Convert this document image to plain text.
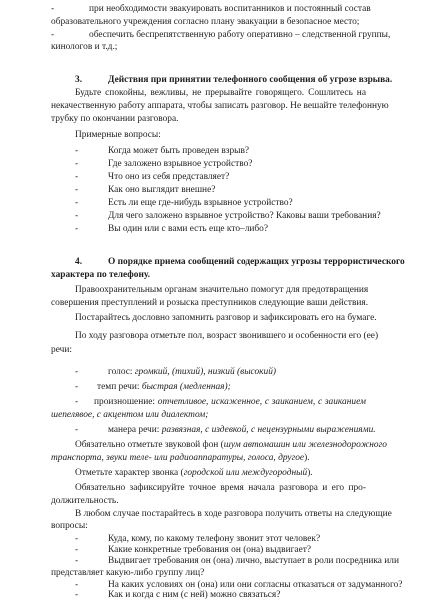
-	при необходимости эвакуировать воспитанников и постоянный состав
образовательного учреждения согласно плану эвакуации в безопасное место;
-	обеспечить беспрепятственную работу оперативно – следственной группы,
кинологов и т.д.;
3.	Действия при принятии телефонного сообщения об угрозе взрыва.
Будьте спокойны, вежливы, не прерывайте говорящего. Сошлитесь на
некачественную работу аппарата, чтобы записать разговор. Не вешайте телефонную
трубку по окончании разговора.
Примерные вопросы:
-	Когда может быть проведен взрыв?
-	Где заложено взрывное устройство?
-	Что оно из себя представляет?
-	Как оно выглядит внешне?
-	Есть ли еще где-нибудь взрывное устройство?
-	Для чего заложено взрывное устройство? Каковы ваши требования?
-	Вы один или с вами есть еще кто–либо?
4.	О порядке приема сообщений содержащих угрозы террористического
характера по телефону.
Правоохранительным органам значительно помогут для предотвращения
совершения преступлений и розыска преступников следующие ваши действия.
Постарайтесь дословно запомнить разговор и зафиксировать его на бумаге.
По ходу разговора отметьте пол, возраст звонившего и особенности его (ее)
речи:
-	голос: громкий, (тихий), низкий (высокий)
- темп речи: быстрая (медленная);
- произношение: отчетливое, искаженное, с заиканием, с заиканием
шепелявое, с акцентом или диалектом;
-	манера речи: развязная, с издевкой, с нецензурными выражениями.
Обязательно отметьте звуковой фон (шум автомашин или железнодорожного
транспорта, звуки теле- или радиоаппаратуры, голоса, другое).
Отметьте характер звонка (городской или междугородный).
Обязательно зафиксируйте точное время начала разговора и его про-
должительность.
В любом случае постарайтесь в ходе разговора получить ответы на следующие
вопросы:
-	Куда, кому, по какому телефону звонит этот человек?
-	Какие конкретные требования он (она) выдвигает?
-	Выдвигает требования он (она) лично, выступает в роли посредника или
представляет какую-либо группу лиц?
-	На каких условиях он (она) или они согласны отказаться от задуманного?
-	Как и когда с ним (с ней) можно связаться?
